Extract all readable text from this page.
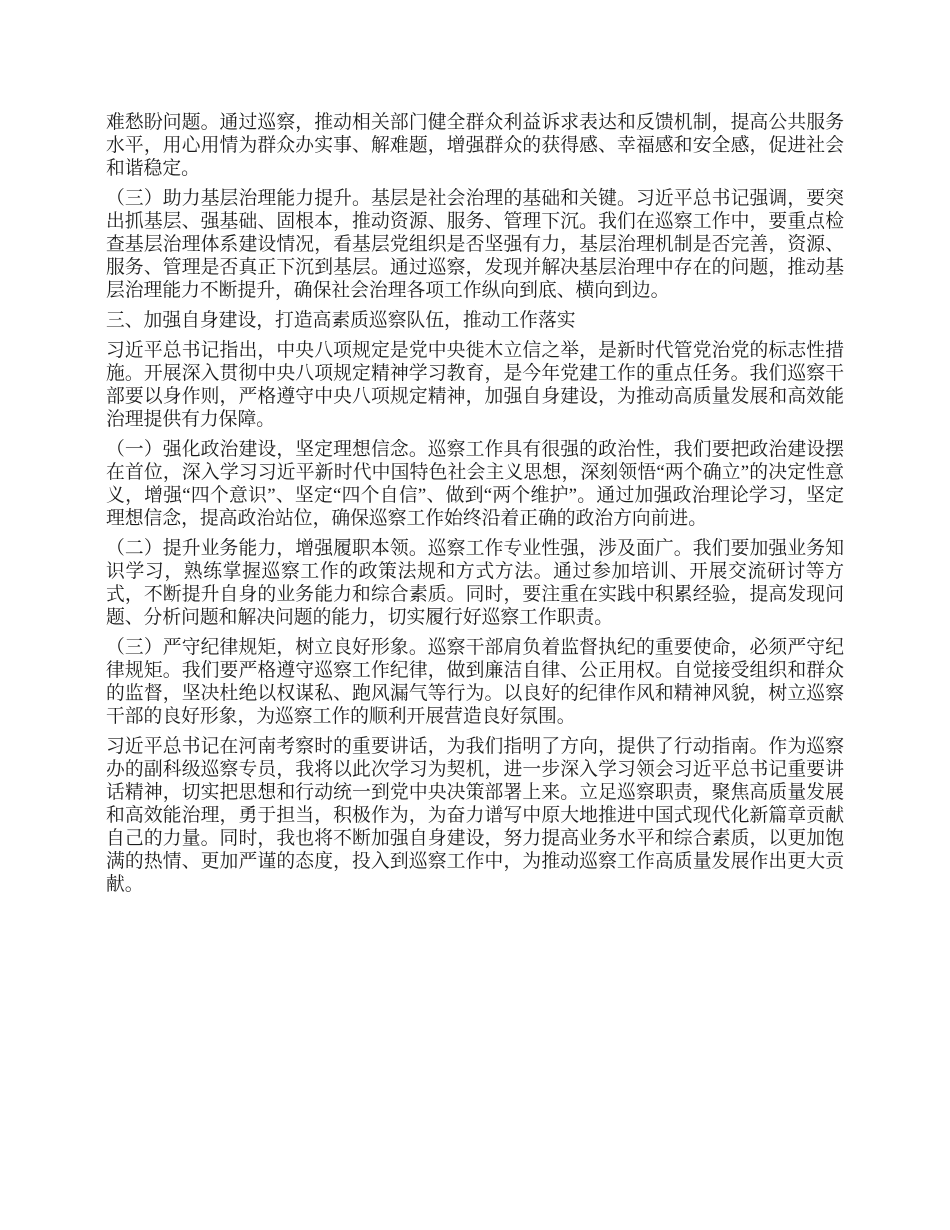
难愁盼问题。通过巡察，推动相关部门健全群众利益诉求表达和反馈机制，提高公共服务水平，用心用情为群众办实事、解难题，增强群众的获得感、幸福感和安全感，促进社会和谐稳定。

（三）助力基层治理能力提升。基层是社会治理的基础和关键。习近平总书记强调，要突出抓基层、强基础、固根本，推动资源、服务、管理下沉。我们在巡察工作中，要重点检查基层治理体系建设情况，看基层党组织是否坚强有力，基层治理机制是否完善，资源、服务、管理是否真正下沉到基层。通过巡察，发现并解决基层治理中存在的问题，推动基层治理能力不断提升，确保社会治理各项工作纵向到底、横向到边。

三、加强自身建设，打造高素质巡察队伍，推动工作落实

习近平总书记指出，中央八项规定是党中央徙木立信之举，是新时代管党治党的标志性措施。开展深入贯彻中央八项规定精神学习教育，是今年党建工作的重点任务。我们巡察干部要以身作则，严格遵守中央八项规定精神，加强自身建设，为推动高质量发展和高效能治理提供有力保障。

（一）强化政治建设，坚定理想信念。巡察工作具有很强的政治性，我们要把政治建设摆在首位，深入学习习近平新时代中国特色社会主义思想，深刻领悟“两个确立”的决定性意义，增强“四个意识”、坚定“四个自信”、做到“两个维护”。通过加强政治理论学习，坚定理想信念，提高政治站位，确保巡察工作始终沿着正确的政治方向前进。

（二）提升业务能力，增强履职本领。巡察工作专业性强，涉及面广。我们要加强业务知识学习，熟练掌握巡察工作的政策法规和方式方法。通过参加培训、开展交流研讨等方式，不断提升自身的业务能力和综合素质。同时，要注重在实践中积累经验，提高发现问题、分析问题和解决问题的能力，切实履行好巡察工作职责。

（三）严守纪律规矩，树立良好形象。巡察干部肩负着监督执纪的重要使命，必须严守纪律规矩。我们要严格遵守巡察工作纪律，做到廉洁自律、公正用权。自觉接受组织和群众的监督，坚决杜绝以权谋私、跑风漏气等行为。以良好的纪律作风和精神风貌，树立巡察干部的良好形象，为巡察工作的顺利开展营造良好氛围。

习近平总书记在河南考察时的重要讲话，为我们指明了方向，提供了行动指南。作为巡察办的副科级巡察专员，我将以此次学习为契机，进一步深入学习领会习近平总书记重要讲话精神，切实把思想和行动统一到党中央决策部署上来。立足巡察职责，聚焦高质量发展和高效能治理，勇于担当，积极作为，为奋力谱写中原大地推进中国式现代化新篇章贡献自己的力量。同时，我也将不断加强自身建设，努力提高业务水平和综合素质，以更加饱满的热情、更加严谨的态度，投入到巡察工作中，为推动巡察工作高质量发展作出更大贡献。
